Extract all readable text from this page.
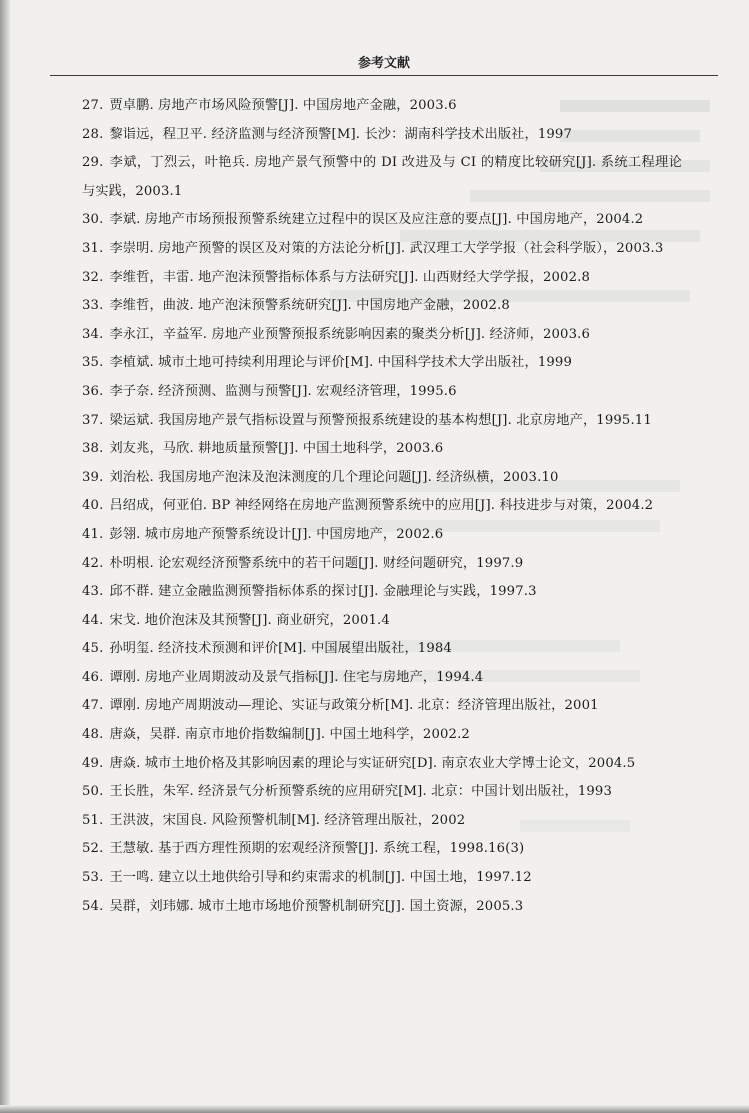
参考文献
27. 贾卓鹏. 房地产市场风险预警[J]. 中国房地产金融，2003.6
28. 黎诣远，程卫平. 经济监测与经济预警[M]. 长沙：湖南科学技术出版社，1997
29. 李斌，丁烈云，叶艳兵. 房地产景气预警中的 DI 改进及与 CI 的精度比较研究[J]. 系统工程理论与实践，2003.1
30. 李斌. 房地产市场预报预警系统建立过程中的误区及应注意的要点[J]. 中国房地产，2004.2
31. 李崇明. 房地产预警的误区及对策的方法论分析[J]. 武汉理工大学学报（社会科学版），2003.3
32. 李维哲，丰雷. 地产泡沫预警指标体系与方法研究[J]. 山西财经大学学报，2002.8
33. 李维哲，曲波. 地产泡沫预警系统研究[J]. 中国房地产金融，2002.8
34. 李永江，辛益军. 房地产业预警预报系统影响因素的聚类分析[J]. 经济师，2003.6
35. 李植斌. 城市土地可持续利用理论与评价[M]. 中国科学技术大学出版社，1999
36. 李子奈. 经济预测、监测与预警[J]. 宏观经济管理，1995.6
37. 梁运斌. 我国房地产景气指标设置与预警预报系统建设的基本构想[J]. 北京房地产，1995.11
38. 刘友兆，马欣. 耕地质量预警[J]. 中国土地科学，2003.6
39. 刘治松. 我国房地产泡沫及泡沫测度的几个理论问题[J]. 经济纵横，2003.10
40. 吕绍成，何亚伯. BP 神经网络在房地产监测预警系统中的应用[J]. 科技进步与对策，2004.2
41. 彭翎. 城市房地产预警系统设计[J]. 中国房地产，2002.6
42. 朴明根. 论宏观经济预警系统中的若干问题[J]. 财经问题研究，1997.9
43. 邱不群. 建立金融监测预警指标体系的探讨[J]. 金融理论与实践，1997.3
44. 宋戈. 地价泡沫及其预警[J]. 商业研究，2001.4
45. 孙明玺. 经济技术预测和评价[M]. 中国展望出版社，1984
46. 谭刚. 房地产业周期波动及景气指标[J]. 住宅与房地产，1994.4
47. 谭刚. 房地产周期波动—理论、实证与政策分析[M]. 北京：经济管理出版社，2001
48. 唐焱，吴群. 南京市地价指数编制[J]. 中国土地科学，2002.2
49. 唐焱. 城市土地价格及其影响因素的理论与实证研究[D]. 南京农业大学博士论文，2004.5
50. 王长胜，朱军. 经济景气分析预警系统的应用研究[M]. 北京：中国计划出版社，1993
51. 王洪波，宋国良. 风险预警机制[M]. 经济管理出版社，2002
52. 王慧敏. 基于西方理性预期的宏观经济预警[J]. 系统工程，1998.16(3)
53. 王一鸣. 建立以土地供给引导和约束需求的机制[J]. 中国土地，1997.12
54. 吴群，刘玮娜. 城市土地市场地价预警机制研究[J]. 国土资源，2005.3
